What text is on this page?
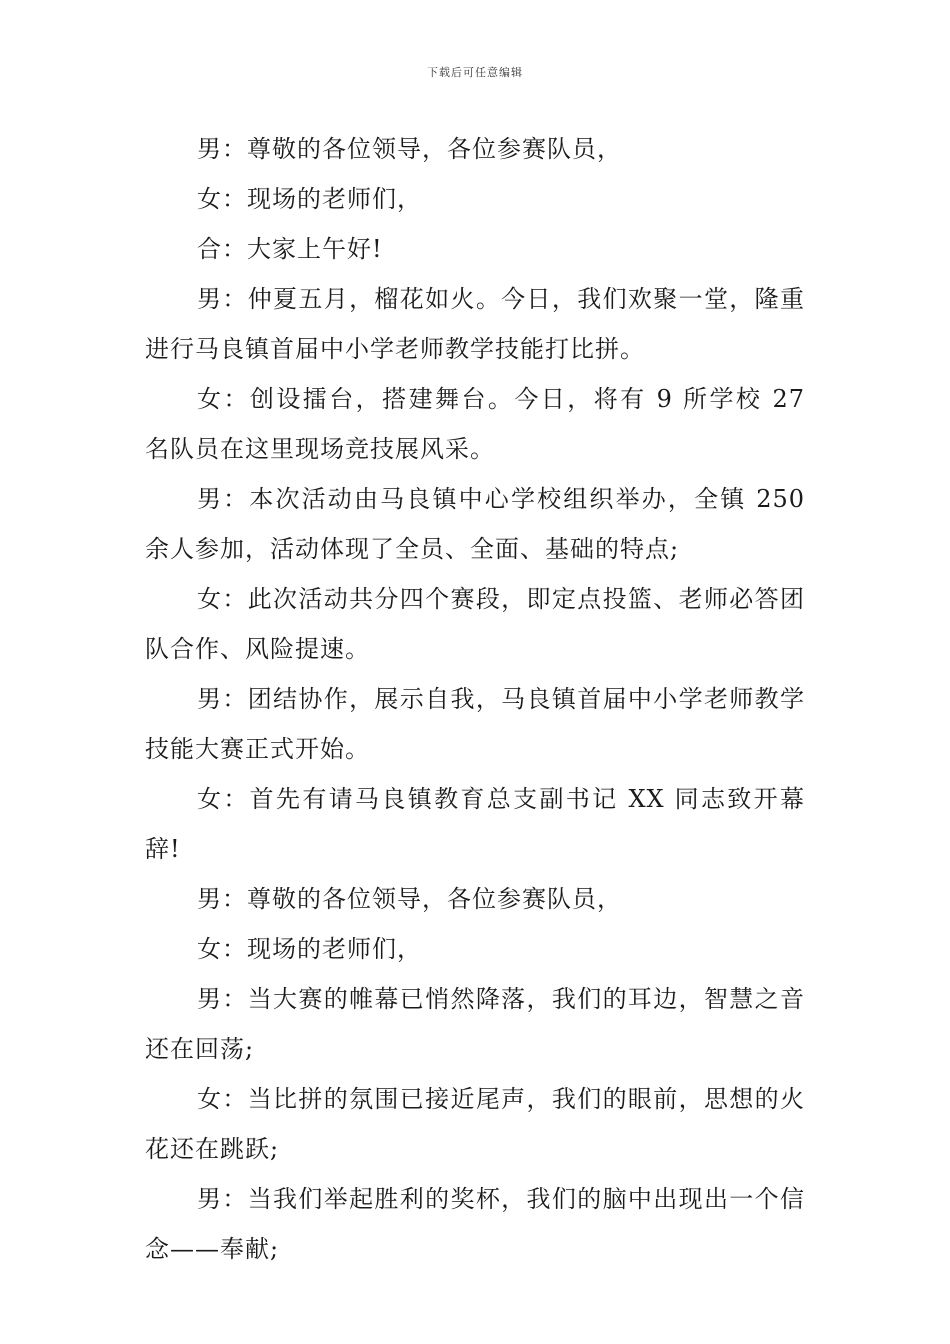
下载后可任意编辑

男：尊敬的各位领导，各位参赛队员，

女：现场的老师们，

合：大家上午好!

男：仲夏五月，榴花如火。今日，我们欢聚一堂，隆重进行马良镇首届中小学老师教学技能打比拼。

女：创设擂台，搭建舞台。今日，将有 9 所学校 27 名队员在这里现场竞技展风采。

男：本次活动由马良镇中心学校组织举办，全镇 250 余人参加，活动体现了全员、全面、基础的特点;

女：此次活动共分四个赛段，即定点投篮、老师必答团队合作、风险提速。

男：团结协作，展示自我，马良镇首届中小学老师教学技能大赛正式开始。

女：首先有请马良镇教育总支副书记 XX 同志致开幕辞!

男：尊敬的各位领导，各位参赛队员，

女：现场的老师们，

男：当大赛的帷幕已悄然降落，我们的耳边，智慧之音还在回荡;

女：当比拼的氛围已接近尾声，我们的眼前，思想的火花还在跳跃;

男：当我们举起胜利的奖杯，我们的脑中出现出一个信念——奉献;
